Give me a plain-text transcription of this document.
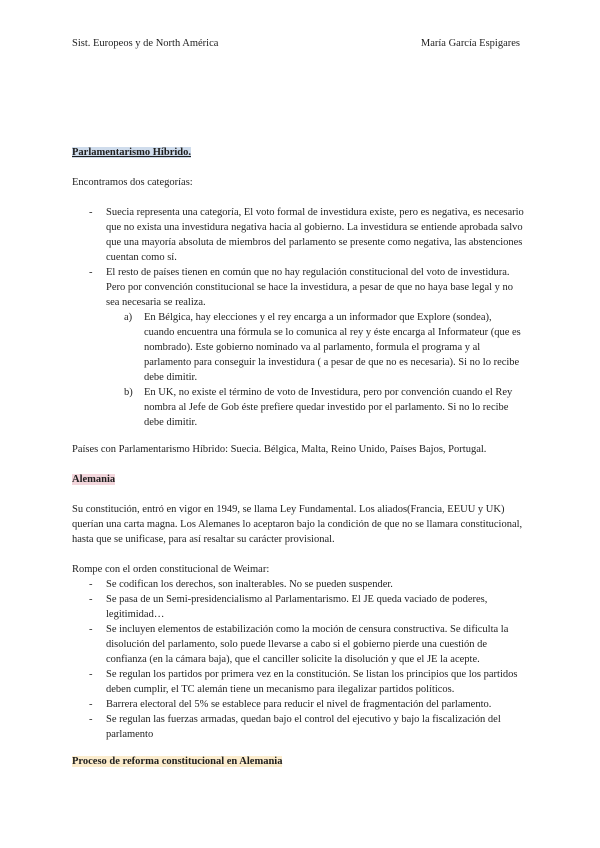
Sist. Europeos y de North América	María García Espigares

Parlamentarismo Híbrido.

Encontramos dos categorías:

- Suecia representa una categoría, El voto formal de investidura existe, pero es negativa, es necesario que no exista una investidura negativa hacia al gobierno. La investidura se entiende aprobada salvo que una mayoría absoluta de miembros del parlamento se presente como negativa, las abstenciones cuentan como sí.
- El resto de países tienen en común que no hay regulación constitucional del voto de investidura. Pero por convención constitucional se hace la investidura, a pesar de que no haya base legal y no sea necesaria se realiza.
a) En Bélgica, hay elecciones y el rey encarga a un informador que Explore (sondea), cuando encuentra una fórmula se lo comunica al rey y éste encarga al Informateur (que es nombrado). Este gobierno nominado va al parlamento, formula el programa y al parlamento para conseguir la investidura ( a pesar de que no es necesaria). Si no lo recibe debe dimitir.
b) En UK, no existe el término de voto de Investidura, pero por convención cuando el Rey nombra al Jefe de Gob éste prefiere quedar investido por el parlamento. Si no lo recibe debe dimitir.

Países con Parlamentarismo Híbrido: Suecia. Bélgica, Malta, Reino Unido, Países Bajos, Portugal.

Alemania

Su constitución, entró en vigor en 1949, se llama Ley Fundamental. Los aliados(Francia, EEUU y UK) querían una carta magna. Los Alemanes lo aceptaron bajo la condición de que no se llamara constitucional, hasta que se unificase, para así resaltar su carácter provisional.

Rompe con el orden constitucional de Weimar:

- Se codifican los derechos, son inalterables. No se pueden suspender.
- Se pasa de un Semi-presidencialismo al Parlamentarismo. El JE queda vaciado de poderes, legitimidad…
- Se incluyen elementos de estabilización como la moción de censura constructiva. Se dificulta la disolución del parlamento, solo puede llevarse a cabo si el gobierno pierde una cuestión de confianza (en la cámara baja), que el canciller solicite la disolución y que el JE la acepte.
- Se regulan los partidos por primera vez en la constitución. Se listan los principios que los partidos deben cumplir, el TC alemán tiene un mecanismo para ilegalizar partidos políticos.
- Barrera electoral del 5% se establece para reducir el nivel de fragmentación del parlamento.
- Se regulan las fuerzas armadas, quedan bajo el control del ejecutivo y bajo la fiscalización del parlamento

Proceso de reforma constitucional en Alemania
